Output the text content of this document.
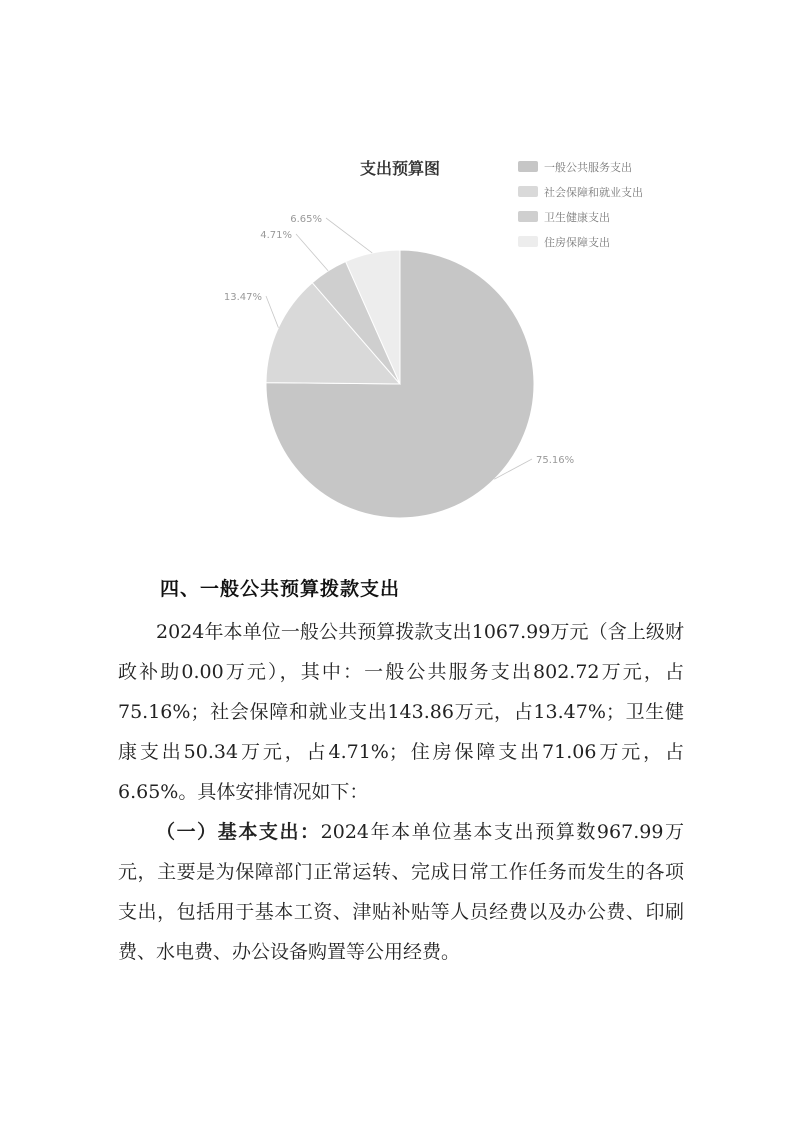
支出预算图	一般公共服务支出
社会保障和就业支出
卫生健康支出
住房保障支出
75.16%
13.47%
4.71%
6.65%
四、一般公共预算拨款支出

2024年本单位一般公共预算拨款支出1067.99万元（含上级财政补助0.00万元），其中：一般公共服务支出802.72万元，占75.16%；社会保障和就业支出143.86万元，占13.47%；卫生健康支出50.34万元，占4.71%；住房保障支出71.06万元，占6.65%。具体安排情况如下：

（一）基本支出：2024年本单位基本支出预算数967.99万元，主要是为保障部门正常运转、完成日常工作任务而发生的各项支出，包括用于基本工资、津贴补贴等人员经费以及办公费、印刷费、水电费、办公设备购置等公用经费。
